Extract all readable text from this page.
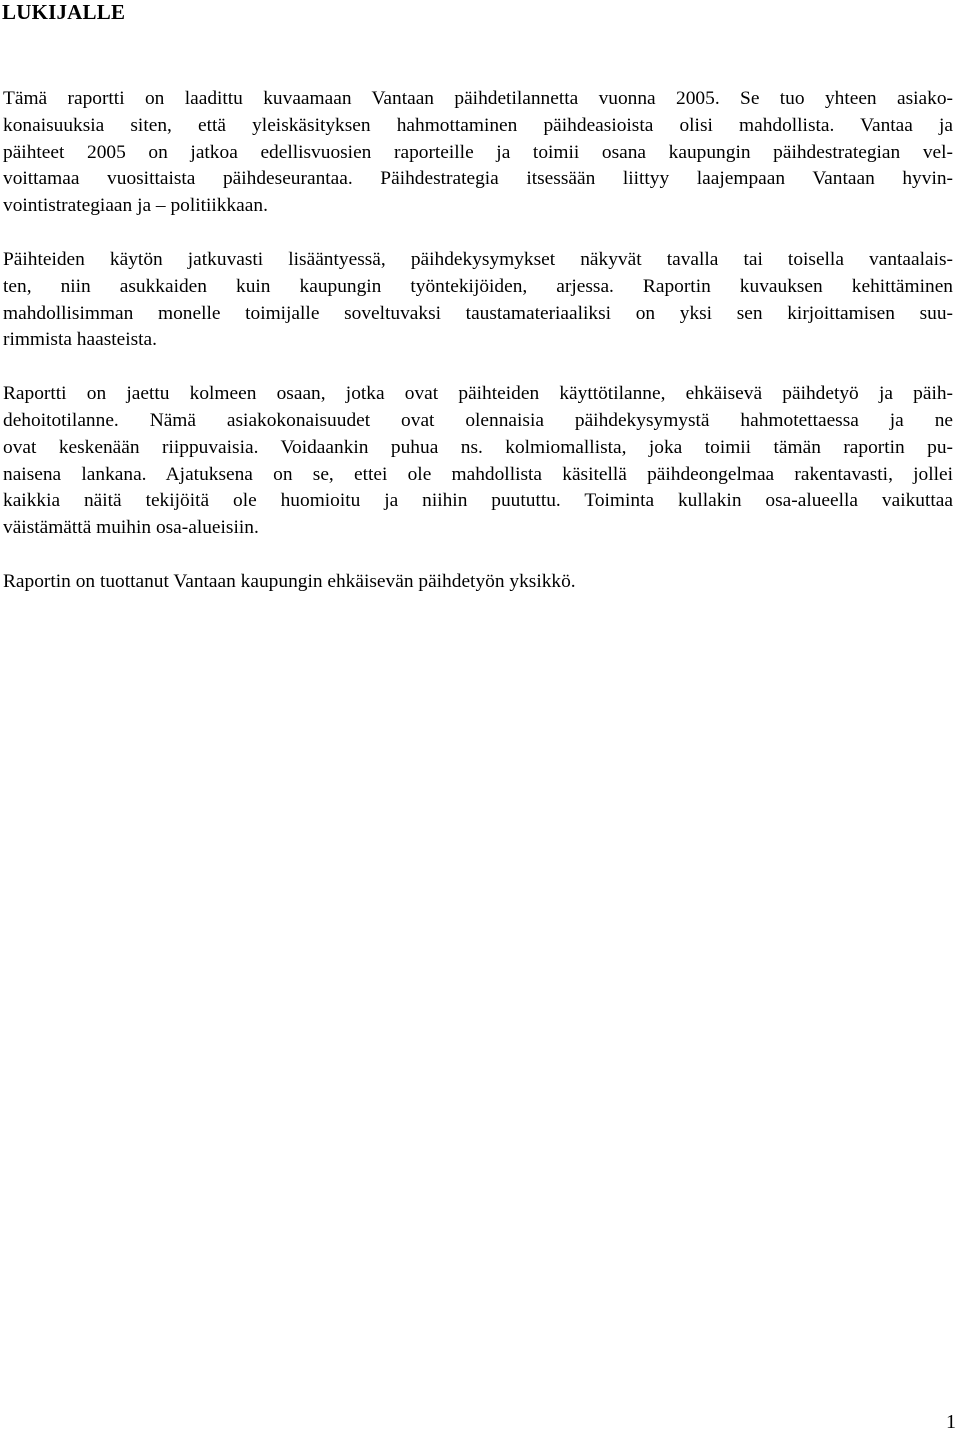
LUKIJALLE

Tämä raportti on laadittu kuvaamaan Vantaan päihdetilannetta vuonna 2005. Se tuo yhteen asiako-
konaisuuksia siten, että yleiskäsityksen hahmottaminen päihdeasioista olisi mahdollista. Vantaa ja
päihteet 2005 on jatkoa edellisvuosien raporteille ja toimii osana kaupungin päihdestrategian vel-
voittamaa vuosittaista päihdeseurantaa. Päihdestrategia itsessään liittyy laajempaan Vantaan hyvin-
vointistrategiaan ja – politiikkaan.

Päihteiden käytön jatkuvasti lisääntyessä, päihdekysymykset näkyvät tavalla tai toisella vantaalais-
ten, niin asukkaiden kuin kaupungin työntekijöiden, arjessa. Raportin kuvauksen kehittäminen
mahdollisimman monelle toimijalle soveltuvaksi taustamateriaaliksi on yksi sen kirjoittamisen suu-
rimmista haasteista.

Raportti on jaettu kolmeen osaan, jotka ovat päihteiden käyttötilanne, ehkäisevä päihdetyö ja päih-
dehoitotilanne. Nämä asiakokonaisuudet ovat olennaisia päihdekysymystä hahmotettaessa ja ne
ovat keskenään riippuvaisia. Voidaankin puhua ns. kolmiomallista, joka toimii tämän raportin pu-
naisena lankana. Ajatuksena on se, ettei ole mahdollista käsitellä päihdeongelmaa rakentavasti, jollei
kaikkia näitä tekijöitä ole huomioitu ja niihin puututtu. Toiminta kullakin osa-alueella vaikuttaa
väistämättä muihin osa-alueisiin.

Raportin on tuottanut Vantaan kaupungin ehkäisevän päihdetyön yksikkö.

1
